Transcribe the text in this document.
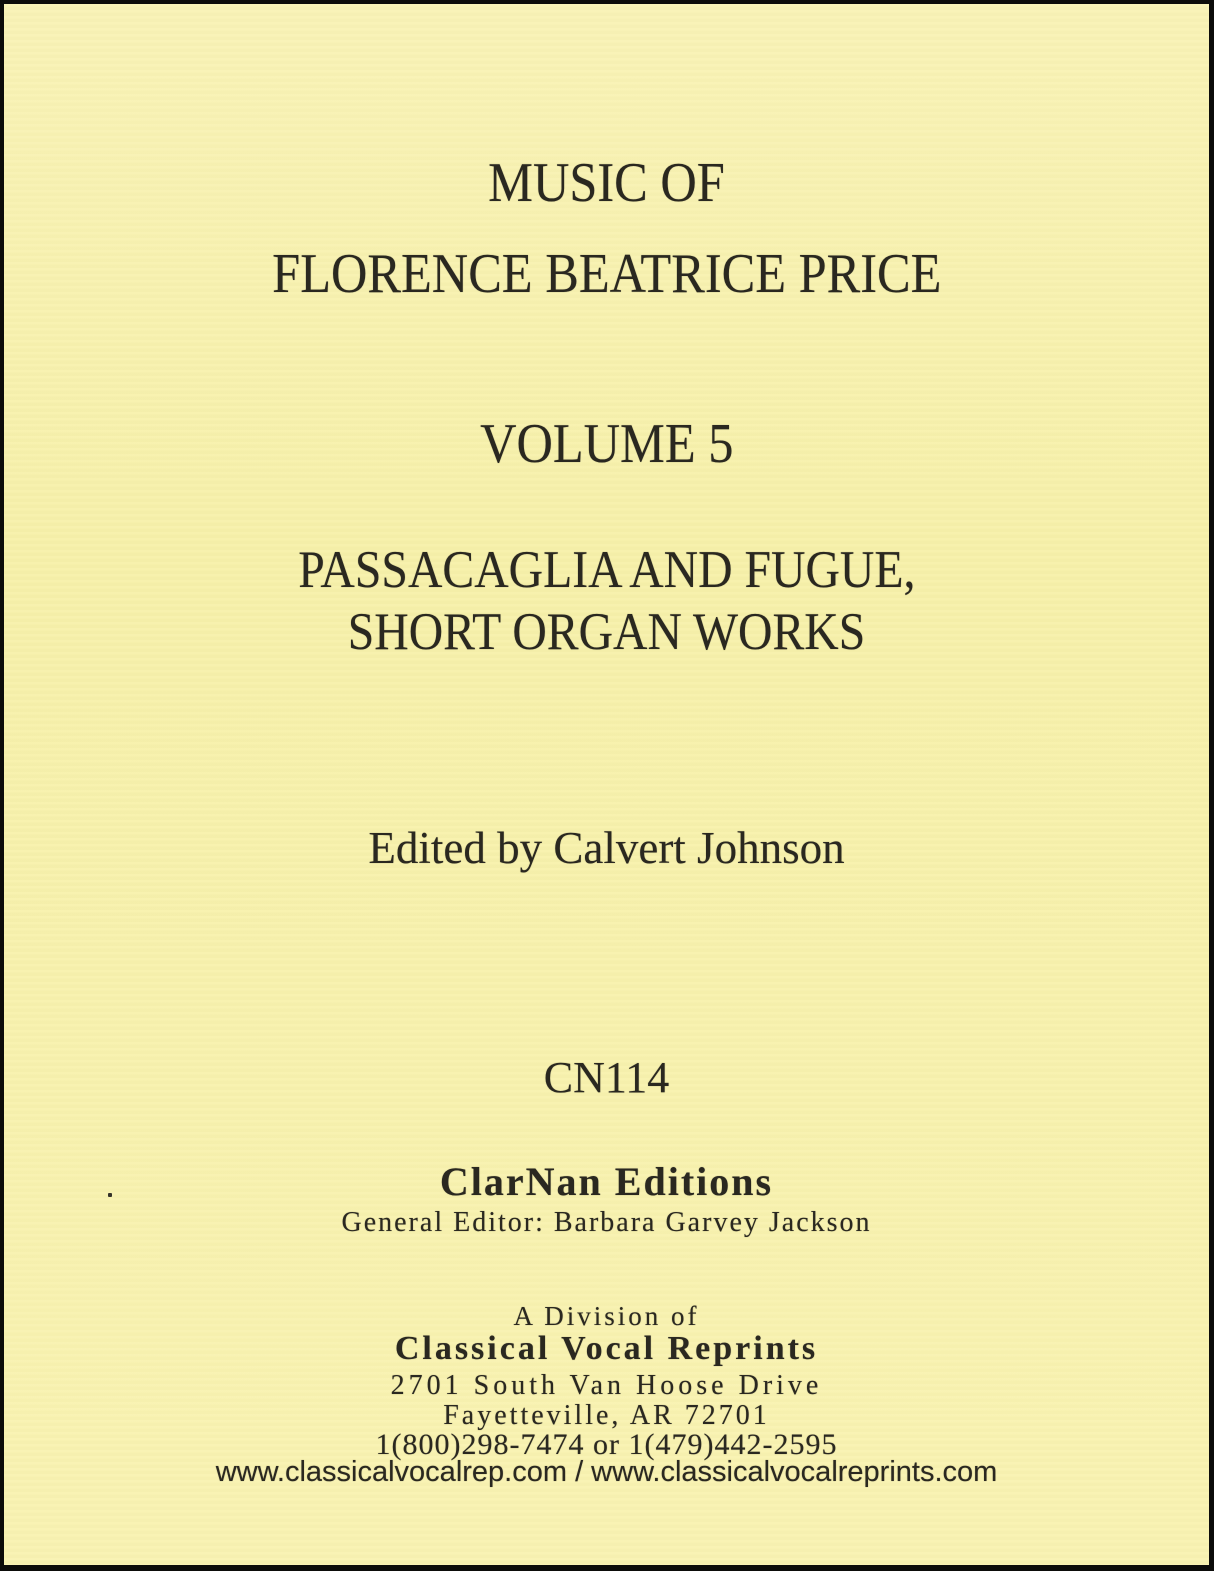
MUSIC OF
FLORENCE BEATRICE PRICE
VOLUME 5
PASSACAGLIA AND FUGUE,
SHORT ORGAN WORKS
Edited by Calvert Johnson
CN114
ClarNan Editions
General Editor: Barbara Garvey Jackson
A Division of
Classical Vocal Reprints
2701 South Van Hoose Drive
Fayetteville, AR 72701
1(800)298-7474 or 1(479)442-2595
www.classicalvocalrep.com / www.classicalvocalreprints.com
